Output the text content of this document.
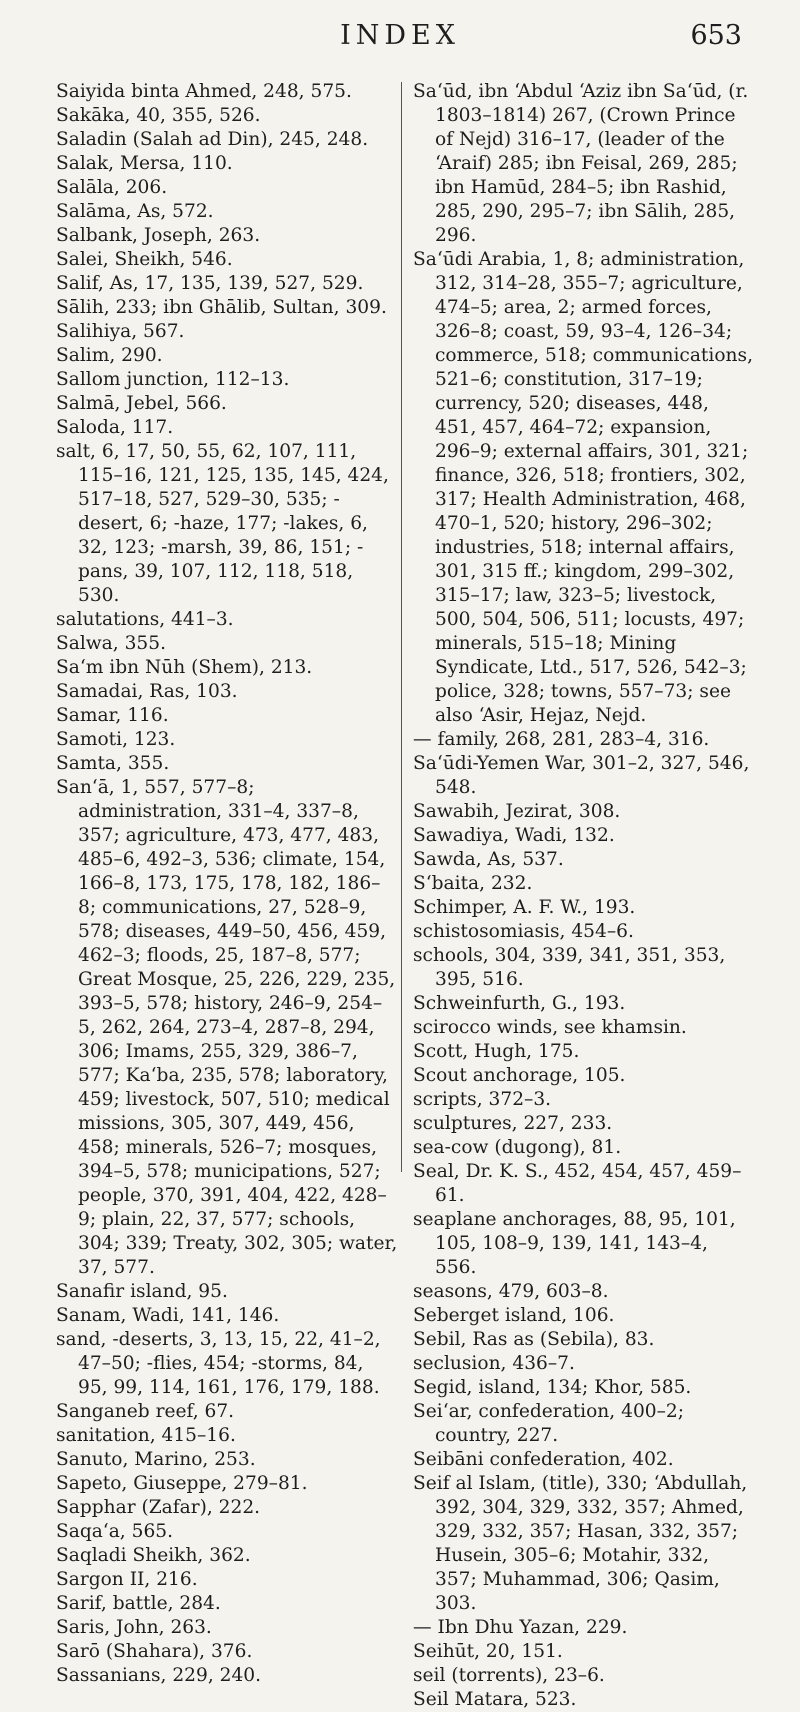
INDEX	653

Saiyida binta Ahmed, 248, 575.

Sakāka, 40, 355, 526.

Saladin (Salah ad Din), 245, 248.

Salak, Mersa, 110.

Salāla, 206.

Salāma, As, 572.

Salbank, Joseph, 263.

Salei, Sheikh, 546.

Salif, As, 17, 135, 139, 527, 529.

Sālih, 233; ibn Ghālib, Sultan, 309.

Salihiya, 567.

Salim, 290.

Sallom junction, 112–13.

Salmā, Jebel, 566.

Saloda, 117.

salt, 6, 17, 50, 55, 62, 107, 111, 115–16, 121, 125, 135, 145, 424, 517–18, 527, 529–30, 535; -desert, 6; -haze, 177; -lakes, 6, 32, 123; -marsh, 39, 86, 151; -pans, 39, 107, 112, 118, 518, 530.

salutations, 441–3.

Salwa, 355.

Sa‘m ibn Nūh (Shem), 213.

Samadai, Ras, 103.

Samar, 116.

Samoti, 123.

Samta, 355.

San‘ā, 1, 557, 577–8; administration, 331–4, 337–8, 357; agriculture, 473, 477, 483, 485–6, 492–3, 536; climate, 154, 166–8, 173, 175, 178, 182, 186–8; communications, 27, 528–9, 578; diseases, 449–50, 456, 459, 462–3; floods, 25, 187–8, 577; Great Mosque, 25, 226, 229, 235, 393–5, 578; history, 246–9, 254–5, 262, 264, 273–4, 287–8, 294, 306; Imams, 255, 329, 386–7, 577; Ka‘ba, 235, 578; laboratory, 459; livestock, 507, 510; medical missions, 305, 307, 449, 456, 458; minerals, 526–7; mosques, 394–5, 578; municipations, 527; people, 370, 391, 404, 422, 428–9; plain, 22, 37, 577; schools, 304; 339; Treaty, 302, 305; water, 37, 577.

Sanafir island, 95.

Sanam, Wadi, 141, 146.

sand, -deserts, 3, 13, 15, 22, 41–2, 47–50; -flies, 454; -storms, 84, 95, 99, 114, 161, 176, 179, 188.

Sanganeb reef, 67.

sanitation, 415–16.

Sanuto, Marino, 253.

Sapeto, Giuseppe, 279–81.

Sapphar (Zafar), 222.

Saqa‘a, 565.

Saqladi Sheikh, 362.

Sargon II, 216.

Sarif, battle, 284.

Saris, John, 263.

Sarō (Shahara), 376.

Sassanians, 229, 240.

Sa‘ūd, ibn ‘Abdul ‘Aziz ibn Sa‘ūd, (r. 1803–1814) 267, (Crown Prince of Nejd) 316–17, (leader of the ‘Araif) 285; ibn Feisal, 269, 285; ibn Hamūd, 284–5; ibn Rashid, 285, 290, 295–7; ibn Sālih, 285, 296.

Sa‘ūdi Arabia, 1, 8; administration, 312, 314–28, 355–7; agriculture, 474–5; area, 2; armed forces, 326–8; coast, 59, 93–4, 126–34; commerce, 518; communications, 521–6; constitution, 317–19; currency, 520; diseases, 448, 451, 457, 464–72; expansion, 296–9; external affairs, 301, 321; finance, 326, 518; frontiers, 302, 317; Health Administration, 468, 470–1, 520; history, 296–302; industries, 518; internal affairs, 301, 315 ff.; kingdom, 299–302, 315–17; law, 323–5; livestock, 500, 504, 506, 511; locusts, 497; minerals, 515–18; Mining Syndicate, Ltd., 517, 526, 542–3; police, 328; towns, 557–73; see also ‘Asir, Hejaz, Nejd.

— family, 268, 281, 283–4, 316.

Sa‘ūdi-Yemen War, 301–2, 327, 546, 548.

Sawabih, Jezirat, 308.

Sawadiya, Wadi, 132.

Sawda, As, 537.

S‘baita, 232.

Schimper, A. F. W., 193.

schistosomiasis, 454–6.

schools, 304, 339, 341, 351, 353, 395, 516.

Schweinfurth, G., 193.

scirocco winds, see khamsin.

Scott, Hugh, 175.

Scout anchorage, 105.

scripts, 372–3.

sculptures, 227, 233.

sea-cow (dugong), 81.

Seal, Dr. K. S., 452, 454, 457, 459–61.

seaplane anchorages, 88, 95, 101, 105, 108–9, 139, 141, 143–4, 556.

seasons, 479, 603–8.

Seberget island, 106.

Sebil, Ras as (Sebila), 83.

seclusion, 436–7.

Segid, island, 134; Khor, 585.

Sei‘ar, confederation, 400–2; country, 227.

Seibāni confederation, 402.

Seif al Islam, (title), 330; ‘Abdullah, 392, 304, 329, 332, 357; Ahmed, 329, 332, 357; Hasan, 332, 357; Husein, 305–6; Motahir, 332, 357; Muhammad, 306; Qasim, 303.

— Ibn Dhu Yazan, 229.

Seihūt, 20, 151.

seil (torrents), 23–6.

Seil Matara, 523.
